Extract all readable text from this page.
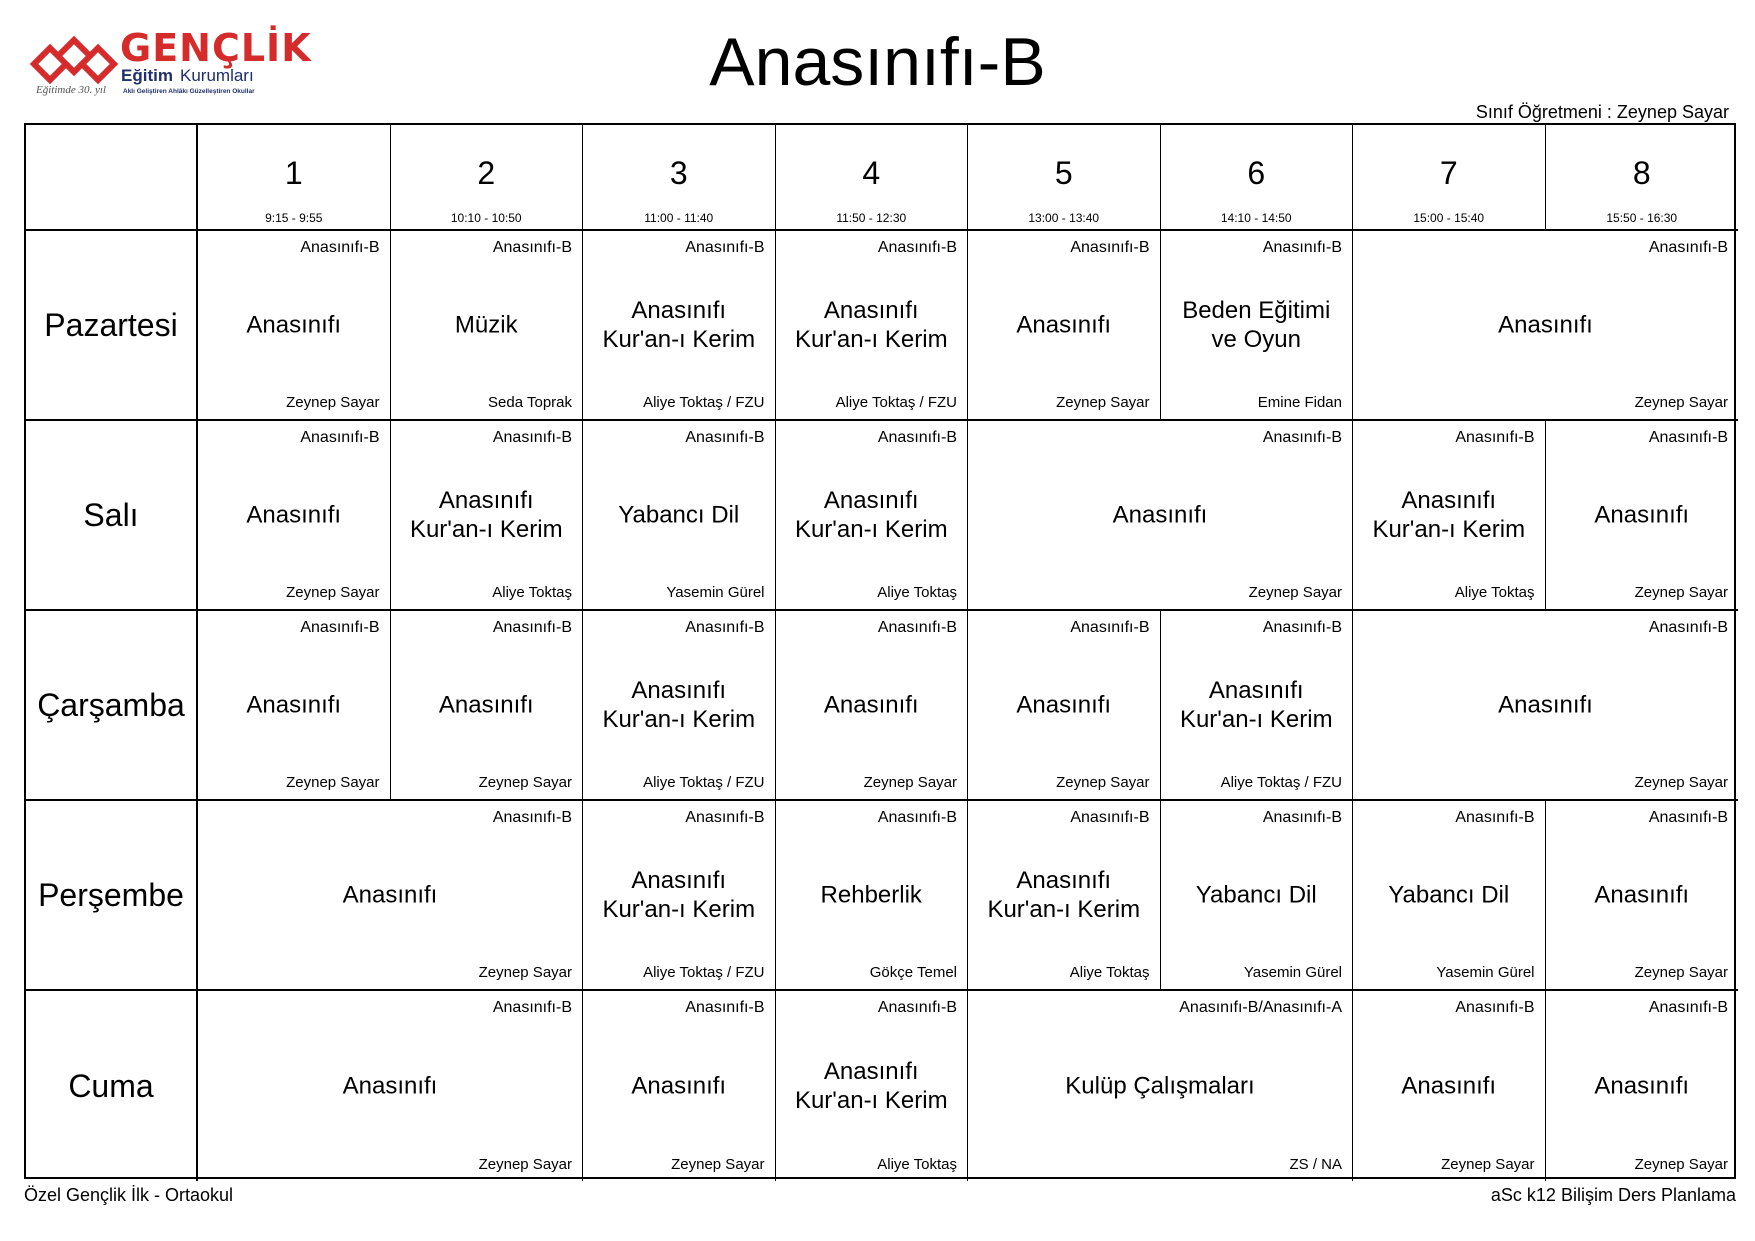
GENÇLİK
Eğitim Kurumları
Aklı Geliştiren Ahlâkı Güzelleştiren Okullar
Eğitimde 30. yıl	Anasınıfı-B
Sınıf Öğretmeni : Zeynep Sayar
1
9:15 - 9:55
2
10:10 - 10:50
3
11:00 - 11:40
4
11:50 - 12:30
5
13:00 - 13:40
6
14:10 - 14:50
7
15:00 - 15:40
8
15:50 - 16:30
Pazartesi
Anasınıfı-B
Anasınıfı
Zeynep Sayar
Anasınıfı-B
Müzik
Seda Toprak
Anasınıfı-B
Anasınıfı
Kur'an-ı Kerim
Aliye Toktaş / FZU
Anasınıfı-B
Anasınıfı
Kur'an-ı Kerim
Aliye Toktaş / FZU
Anasınıfı-B
Anasınıfı
Zeynep Sayar
Anasınıfı-B
Beden Eğitimi
ve Oyun
Emine Fidan
Anasınıfı-B
Anasınıfı
Zeynep Sayar
Salı
Anasınıfı-B
Anasınıfı
Zeynep Sayar
Anasınıfı-B
Anasınıfı
Kur'an-ı Kerim
Aliye Toktaş
Anasınıfı-B
Yabancı Dil
Yasemin Gürel
Anasınıfı-B
Anasınıfı
Kur'an-ı Kerim
Aliye Toktaş
Anasınıfı-B
Anasınıfı
Zeynep Sayar
Anasınıfı-B
Anasınıfı
Kur'an-ı Kerim
Aliye Toktaş
Anasınıfı-B
Anasınıfı
Zeynep Sayar
Çarşamba
Anasınıfı-B
Anasınıfı
Zeynep Sayar
Anasınıfı-B
Anasınıfı
Zeynep Sayar
Anasınıfı-B
Anasınıfı
Kur'an-ı Kerim
Aliye Toktaş / FZU
Anasınıfı-B
Anasınıfı
Zeynep Sayar
Anasınıfı-B
Anasınıfı
Zeynep Sayar
Anasınıfı-B
Anasınıfı
Kur'an-ı Kerim
Aliye Toktaş / FZU
Anasınıfı-B
Anasınıfı
Zeynep Sayar
Perşembe
Anasınıfı-B
Anasınıfı
Zeynep Sayar
Anasınıfı-B
Anasınıfı
Kur'an-ı Kerim
Aliye Toktaş / FZU
Anasınıfı-B
Rehberlik
Gökçe Temel
Anasınıfı-B
Anasınıfı
Kur'an-ı Kerim
Aliye Toktaş
Anasınıfı-B
Yabancı Dil
Yasemin Gürel
Anasınıfı-B
Yabancı Dil
Yasemin Gürel
Anasınıfı-B
Anasınıfı
Zeynep Sayar
Cuma
Anasınıfı-B
Anasınıfı
Zeynep Sayar
Anasınıfı-B
Anasınıfı
Zeynep Sayar
Anasınıfı-B
Anasınıfı
Kur'an-ı Kerim
Aliye Toktaş
Anasınıfı-B/Anasınıfı-A
Kulüp Çalışmaları
ZS / NA
Anasınıfı-B
Anasınıfı
Zeynep Sayar
Anasınıfı-B
Anasınıfı
Zeynep Sayar
Özel Gençlik İlk - Ortaokul	aSc k12 Bilişim Ders Planlama
